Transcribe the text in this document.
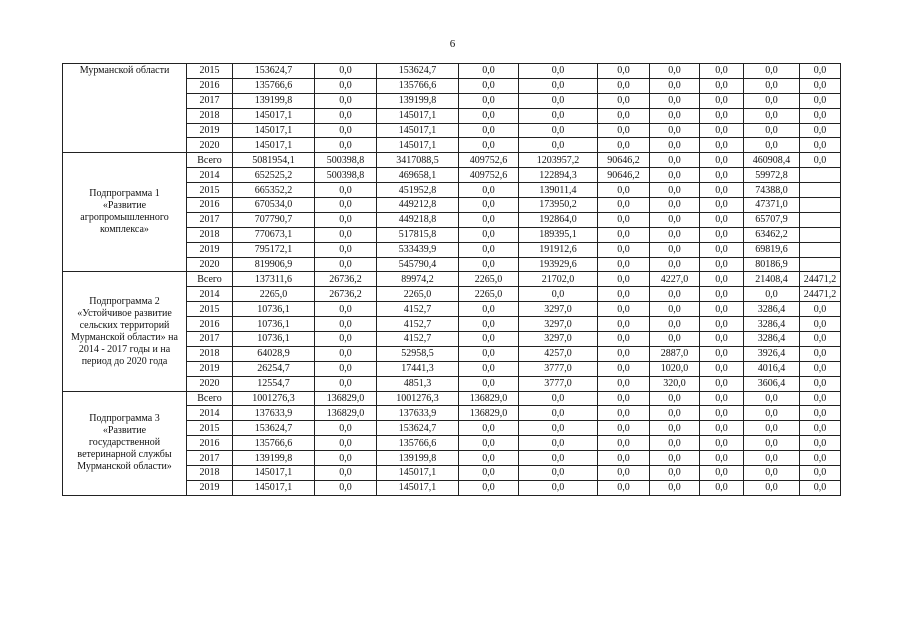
6
Мурманской области	2015	153624,7	0,0	153624,7	0,0	0,0	0,0	0,0	0,0	0,0	0,0
	2016	135766,6	0,0	135766,6	0,0	0,0	0,0	0,0	0,0	0,0	0,0
	2017	139199,8	0,0	139199,8	0,0	0,0	0,0	0,0	0,0	0,0	0,0
	2018	145017,1	0,0	145017,1	0,0	0,0	0,0	0,0	0,0	0,0	0,0
	2019	145017,1	0,0	145017,1	0,0	0,0	0,0	0,0	0,0	0,0	0,0
	2020	145017,1	0,0	145017,1	0,0	0,0	0,0	0,0	0,0	0,0	0,0
Подпрограмма 1 «Развитие агропромышленного комплекса»	Всего	5081954,1	500398,8	3417088,5	409752,6	1203957,2	90646,2	0,0	0,0	460908,4	0,0
	2014	652525,2	500398,8	469658,1	409752,6	122894,3	90646,2	0,0	0,0	59972,8	
	2015	665352,2	0,0	451952,8	0,0	139011,4	0,0	0,0	0,0	74388,0	
	2016	670534,0	0,0	449212,8	0,0	173950,2	0,0	0,0	0,0	47371,0	
	2017	707790,7	0,0	449218,8	0,0	192864,0	0,0	0,0	0,0	65707,9	
	2018	770673,1	0,0	517815,8	0,0	189395,1	0,0	0,0	0,0	63462,2	
	2019	795172,1	0,0	533439,9	0,0	191912,6	0,0	0,0	0,0	69819,6	
	2020	819906,9	0,0	545790,4	0,0	193929,6	0,0	0,0	0,0	80186,9	
Подпрограмма 2 «Устойчивое развитие сельских территорий Мурманской области» на 2014 - 2017 годы и на период до 2020 года	Всего	137311,6	26736,2	89974,2	2265,0	21702,0	0,0	4227,0	0,0	21408,4	24471,2
	2014	2265,0	26736,2	2265,0	2265,0	0,0	0,0	0,0	0,0	0,0	24471,2
	2015	10736,1	0,0	4152,7	0,0	3297,0	0,0	0,0	0,0	3286,4	0,0
	2016	10736,1	0,0	4152,7	0,0	3297,0	0,0	0,0	0,0	3286,4	0,0
	2017	10736,1	0,0	4152,7	0,0	3297,0	0,0	0,0	0,0	3286,4	0,0
	2018	64028,9	0,0	52958,5	0,0	4257,0	0,0	2887,0	0,0	3926,4	0,0
	2019	26254,7	0,0	17441,3	0,0	3777,0	0,0	1020,0	0,0	4016,4	0,0
	2020	12554,7	0,0	4851,3	0,0	3777,0	0,0	320,0	0,0	3606,4	0,0
Подпрограмма 3 «Развитие государственной ветеринарной службы Мурманской области»	Всего	1001276,3	136829,0	1001276,3	136829,0	0,0	0,0	0,0	0,0	0,0	0,0
	2014	137633,9	136829,0	137633,9	136829,0	0,0	0,0	0,0	0,0	0,0	0,0
	2015	153624,7	0,0	153624,7	0,0	0,0	0,0	0,0	0,0	0,0	0,0
	2016	135766,6	0,0	135766,6	0,0	0,0	0,0	0,0	0,0	0,0	0,0
	2017	139199,8	0,0	139199,8	0,0	0,0	0,0	0,0	0,0	0,0	0,0
	2018	145017,1	0,0	145017,1	0,0	0,0	0,0	0,0	0,0	0,0	0,0
	2019	145017,1	0,0	145017,1	0,0	0,0	0,0	0,0	0,0	0,0	0,0
